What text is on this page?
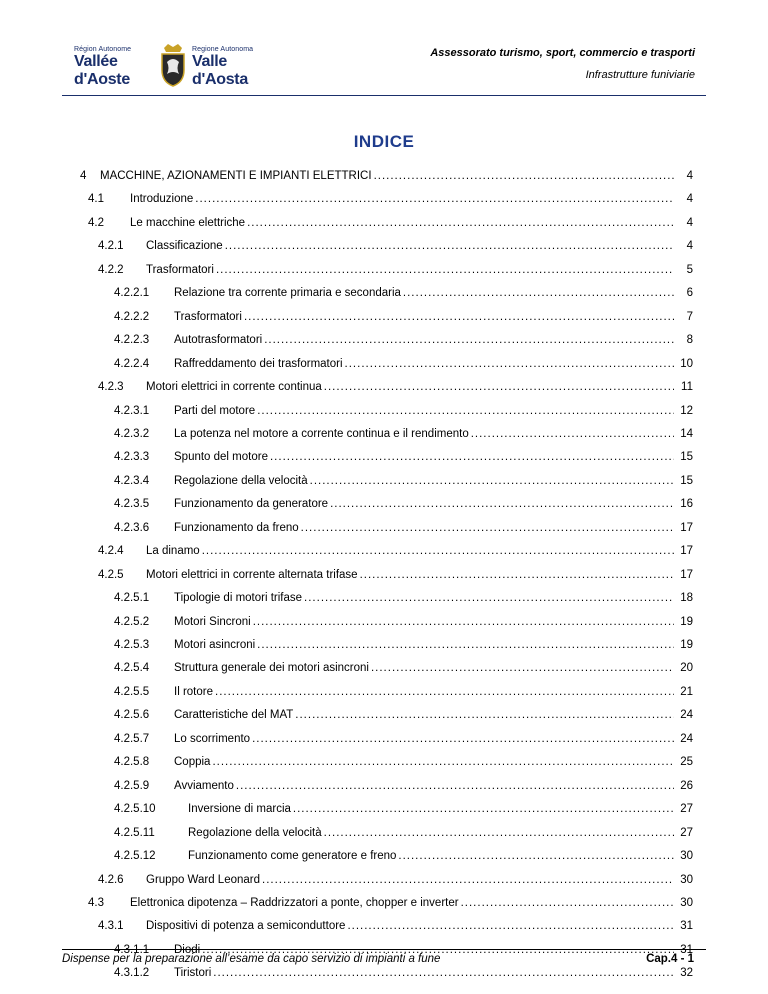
Région Autonome
Vallée d'Aoste
Regione Autonoma
Valle d'Aosta
Assessorato turismo, sport, commercio e trasporti
Infrastrutture funiviarie
INDICE
4 MACCHINE, AZIONAMENTI E IMPIANTI ELETTRICI .....	4
4.1 Introduzione .....	4
4.2 Le macchine elettriche .....	4
4.2.1 Classificazione .....	4
4.2.2 Trasformatori .....	5
4.2.2.1 Relazione tra corrente primaria e secondaria .....	6
4.2.2.2 Trasformatori .....	7
4.2.2.3 Autotrasformatori .....	8
4.2.2.4 Raffreddamento dei trasformatori .....	10
4.2.3 Motori elettrici in corrente continua .....	11
4.2.3.1 Parti del motore .....	12
4.2.3.2 La potenza nel motore a corrente continua e il rendimento .....	14
4.2.3.3 Spunto del motore .....	15
4.2.3.4 Regolazione della velocità .....	15
4.2.3.5 Funzionamento da generatore .....	16
4.2.3.6 Funzionamento da freno .....	17
4.2.4 La dinamo .....	17
4.2.5 Motori elettrici in corrente alternata trifase .....	17
4.2.5.1 Tipologie di motori trifase .....	18
4.2.5.2 Motori Sincroni .....	19
4.2.5.3 Motori asincroni .....	19
4.2.5.4 Struttura generale dei motori asincroni .....	20
4.2.5.5 Il rotore .....	21
4.2.5.6 Caratteristiche del MAT .....	24
4.2.5.7 Lo scorrimento .....	24
4.2.5.8 Coppia .....	25
4.2.5.9 Avviamento .....	26
4.2.5.10	Inversione di marcia .....	27
4.2.5.11	Regolazione della velocità .....	27
4.2.5.12	Funzionamento come generatore e freno .....	30
4.2.6 Gruppo Ward Leonard .....	30
4.3 Elettronica dipotenza – Raddrizzatori a ponte, chopper e inverter .....	30
4.3.1 Dispositivi di potenza a semiconduttore .....	31
4.3.1.1 Diodi .....	31
4.3.1.2 Tiristori .....	32
Dispense per la preparazione all’esame da capo servizio di impianti a fune	Cap.4 - 1
